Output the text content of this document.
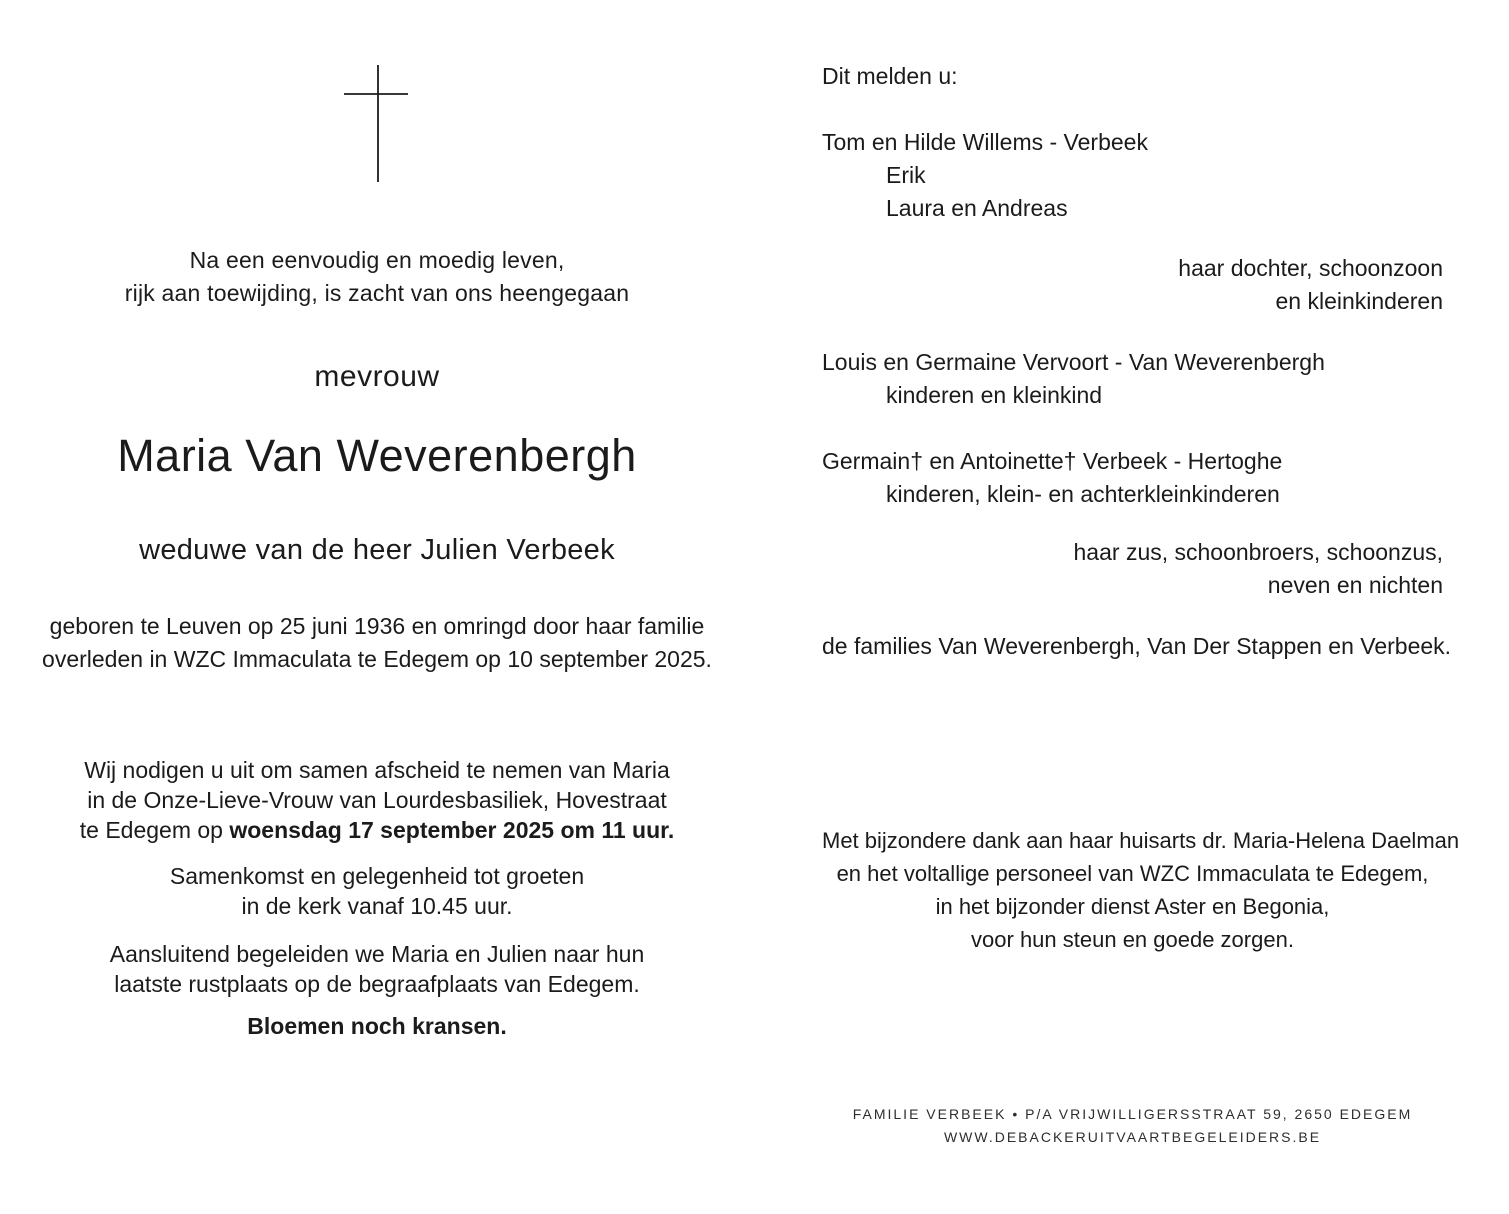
Na een eenvoudig en moedig leven,
rijk aan toewijding, is zacht van ons heengegaan
mevrouw
Maria Van Weverenbergh
weduwe van de heer Julien Verbeek
geboren te Leuven op 25 juni 1936 en omringd door haar familie
overleden in WZC Immaculata te Edegem op 10 september 2025.
Wij nodigen u uit om samen afscheid te nemen van Maria
in de Onze-Lieve-Vrouw van Lourdesbasiliek, Hovestraat
te Edegem op woensdag 17 september 2025 om 11 uur.
Samenkomst en gelegenheid tot groeten
in de kerk vanaf 10.45 uur.
Aansluitend begeleiden we Maria en Julien naar hun
laatste rustplaats op de begraafplaats van Edegem.
Bloemen noch kransen.
Dit melden u:
Tom en Hilde Willems - Verbeek
Erik
Laura en Andreas
haar dochter, schoonzoon
en kleinkinderen
Louis en Germaine Vervoort - Van Weverenbergh
kinderen en kleinkind
Germain† en Antoinette† Verbeek - Hertoghe
kinderen, klein- en achterkleinkinderen
haar zus, schoonbroers, schoonzus,
neven en nichten
de families Van Weverenbergh, Van Der Stappen en Verbeek.
Met bijzondere dank aan haar huisarts dr. Maria-Helena Daelman
en het voltallige personeel van WZC Immaculata te Edegem,
in het bijzonder dienst Aster en Begonia,
voor hun steun en goede zorgen.
FAMILIE VERBEEK • P/A VRIJWILLIGERSSTRAAT 59, 2650 EDEGEM
WWW.DEBACKERUITVAARTBEGELEIDERS.BE
